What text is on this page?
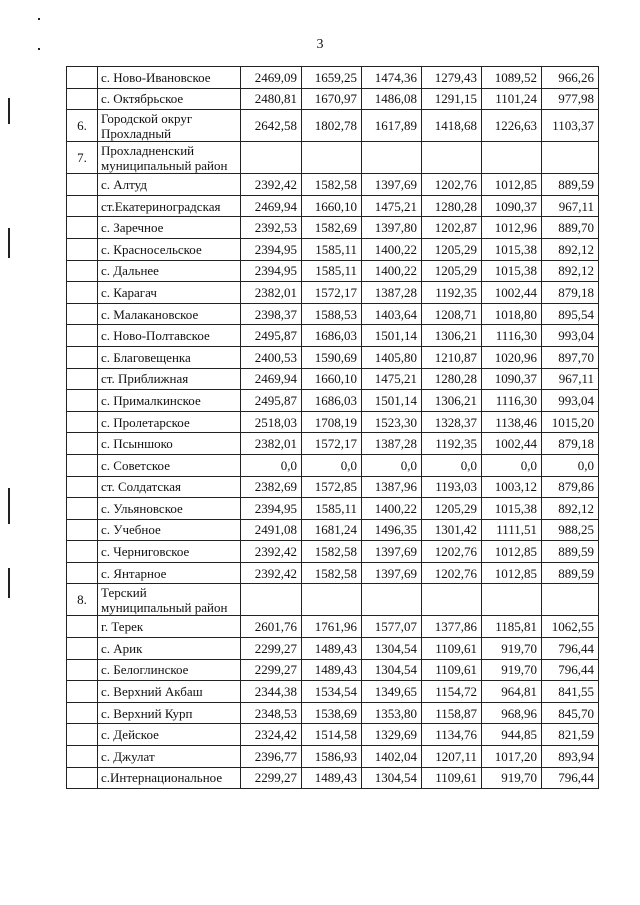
3
	с. Ново-Ивановское	2469,09	1659,25	1474,36	1279,43	1089,52	966,26
	с. Октябрьское	2480,81	1670,97	1486,08	1291,15	1101,24	977,98
6.	Городской округ Прохладный	2642,58	1802,78	1617,89	1418,68	1226,63	1103,37
7.	Прохладненский муниципальный район						
	с. Алтуд	2392,42	1582,58	1397,69	1202,76	1012,85	889,59
	ст.Екатериноградская	2469,94	1660,10	1475,21	1280,28	1090,37	967,11
	с. Заречное	2392,53	1582,69	1397,80	1202,87	1012,96	889,70
	с. Красносельское	2394,95	1585,11	1400,22	1205,29	1015,38	892,12
	с. Дальнее	2394,95	1585,11	1400,22	1205,29	1015,38	892,12
	с. Карагач	2382,01	1572,17	1387,28	1192,35	1002,44	879,18
	с. Малакановское	2398,37	1588,53	1403,64	1208,71	1018,80	895,54
	с. Ново-Полтавское	2495,87	1686,03	1501,14	1306,21	1116,30	993,04
	с. Благовещенка	2400,53	1590,69	1405,80	1210,87	1020,96	897,70
	ст. Приближная	2469,94	1660,10	1475,21	1280,28	1090,37	967,11
	с. Прималкинское	2495,87	1686,03	1501,14	1306,21	1116,30	993,04
	с. Пролетарское	2518,03	1708,19	1523,30	1328,37	1138,46	1015,20
	с. Псыншоко	2382,01	1572,17	1387,28	1192,35	1002,44	879,18
	с. Советское	0,0	0,0	0,0	0,0	0,0	0,0
	ст. Солдатская	2382,69	1572,85	1387,96	1193,03	1003,12	879,86
	с. Ульяновское	2394,95	1585,11	1400,22	1205,29	1015,38	892,12
	с. Учебное	2491,08	1681,24	1496,35	1301,42	1111,51	988,25
	с. Черниговское	2392,42	1582,58	1397,69	1202,76	1012,85	889,59
	с. Янтарное	2392,42	1582,58	1397,69	1202,76	1012,85	889,59
8.	Терский муниципальный район						
	г. Терек	2601,76	1761,96	1577,07	1377,86	1185,81	1062,55
	с. Арик	2299,27	1489,43	1304,54	1109,61	919,70	796,44
	с. Белоглинское	2299,27	1489,43	1304,54	1109,61	919,70	796,44
	с. Верхний Акбаш	2344,38	1534,54	1349,65	1154,72	964,81	841,55
	с. Верхний Курп	2348,53	1538,69	1353,80	1158,87	968,96	845,70
	с. Дейское	2324,42	1514,58	1329,69	1134,76	944,85	821,59
	с. Джулат	2396,77	1586,93	1402,04	1207,11	1017,20	893,94
	с.Интернациональное	2299,27	1489,43	1304,54	1109,61	919,70	796,44
